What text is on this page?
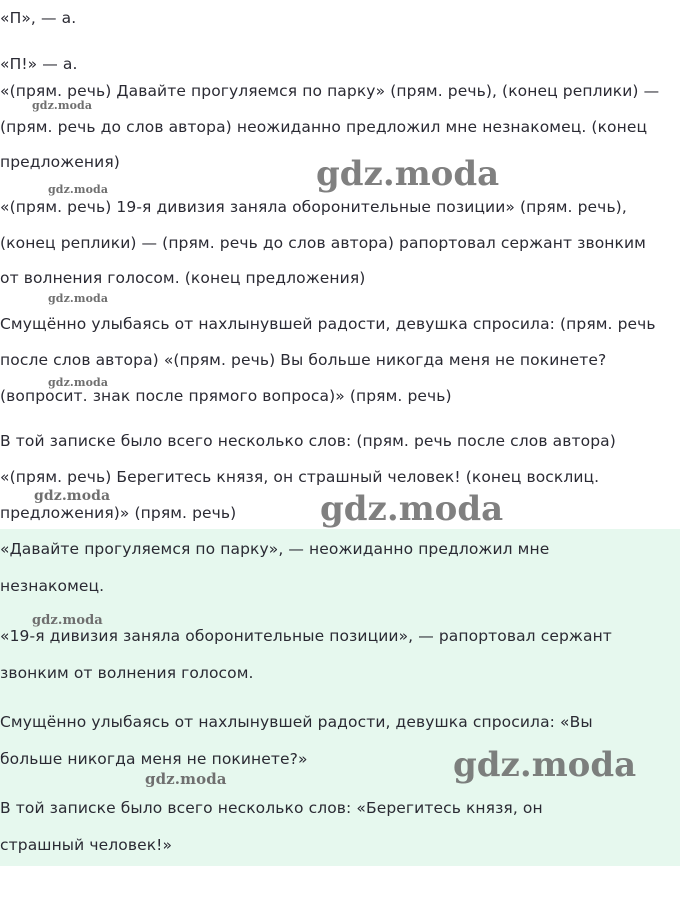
«П», — а.
«П!» — а.
«(прям. речь) Давайте прогуляемся по парку» (прям. речь), (конец реплики) —
(прям. речь до слов автора) неожиданно предложил мне незнакомец. (конец
предложения)
«(прям. речь) 19-я дивизия заняла оборонительные позиции» (прям. речь),
(конец реплики) — (прям. речь до слов автора) рапортовал сержант звонким
от волнения голосом. (конец предложения)
Смущённо улыбаясь от нахлынувшей радости, девушка спросила: (прям. речь
после слов автора) «(прям. речь) Вы больше никогда меня не покинете?
(вопросит. знак после прямого вопроса)» (прям. речь)
В той записке было всего несколько слов: (прям. речь после слов автора)
«(прям. речь) Берегитесь князя, он страшный человек! (конец восклиц.
предложения)» (прям. речь)
«Давайте прогуляемся по парку», — неожиданно предложил мне
незнакомец.
«19-я дивизия заняла оборонительные позиции», — рапортовал сержант
звонким от волнения голосом.
Смущённо улыбаясь от нахлынувшей радости, девушка спросила: «Вы
больше никогда меня не покинете?»
В той записке было всего несколько слов: «Берегитесь князя, он
страшный человек!»
gdz.moda
gdz.moda
gdz.moda
gdz.moda
gdz.moda
gdz.moda	gdz.moda
gdz.moda
gdz.moda
gdz.moda
